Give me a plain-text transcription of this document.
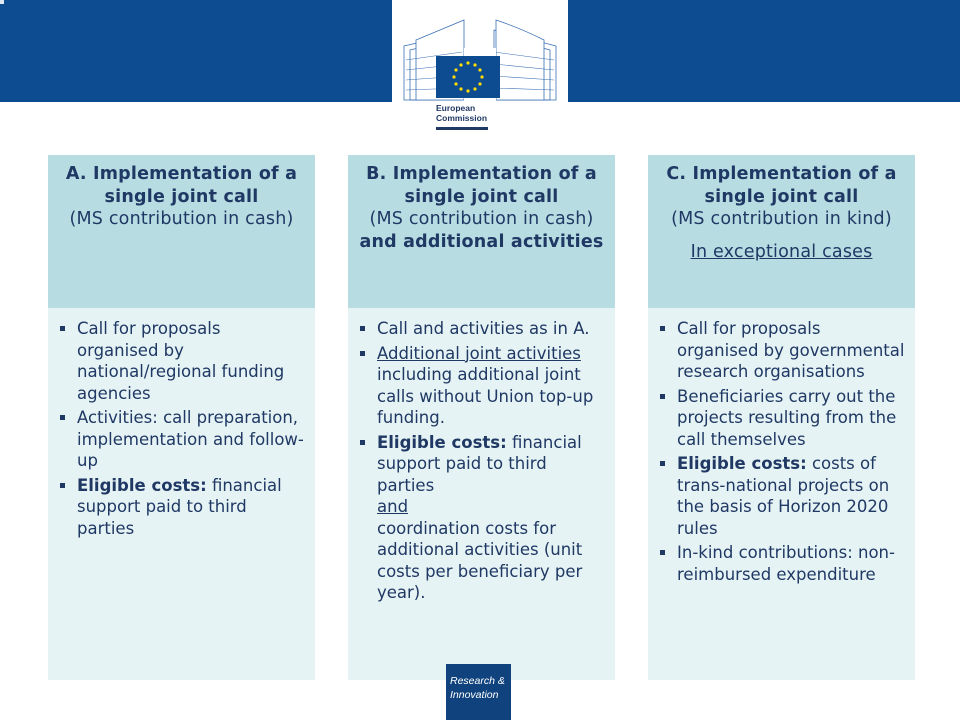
European
Commission
A. Implementation of a single joint call
(MS contribution in cash)
Call for proposals organised by national/regional funding agencies
Activities: call preparation, implementation and follow-up
Eligible costs: financial support paid to third parties
B. Implementation of a single joint call
(MS contribution in cash)
and additional activities
Call and activities as in A.
Additional joint activities including additional joint calls without Union top-up funding.
Eligible costs: financial support paid to third parties
and
coordination costs for additional activities (unit costs per beneficiary per year).
C. Implementation of a single joint call
(MS contribution in kind)
In exceptional cases
Call for proposals organised by governmental research organisations
Beneficiaries carry out the projects resulting from the call themselves
Eligible costs: costs of trans-national projects on the basis of Horizon 2020 rules
In-kind contributions: non-reimbursed expenditure
Research &
Innovation
